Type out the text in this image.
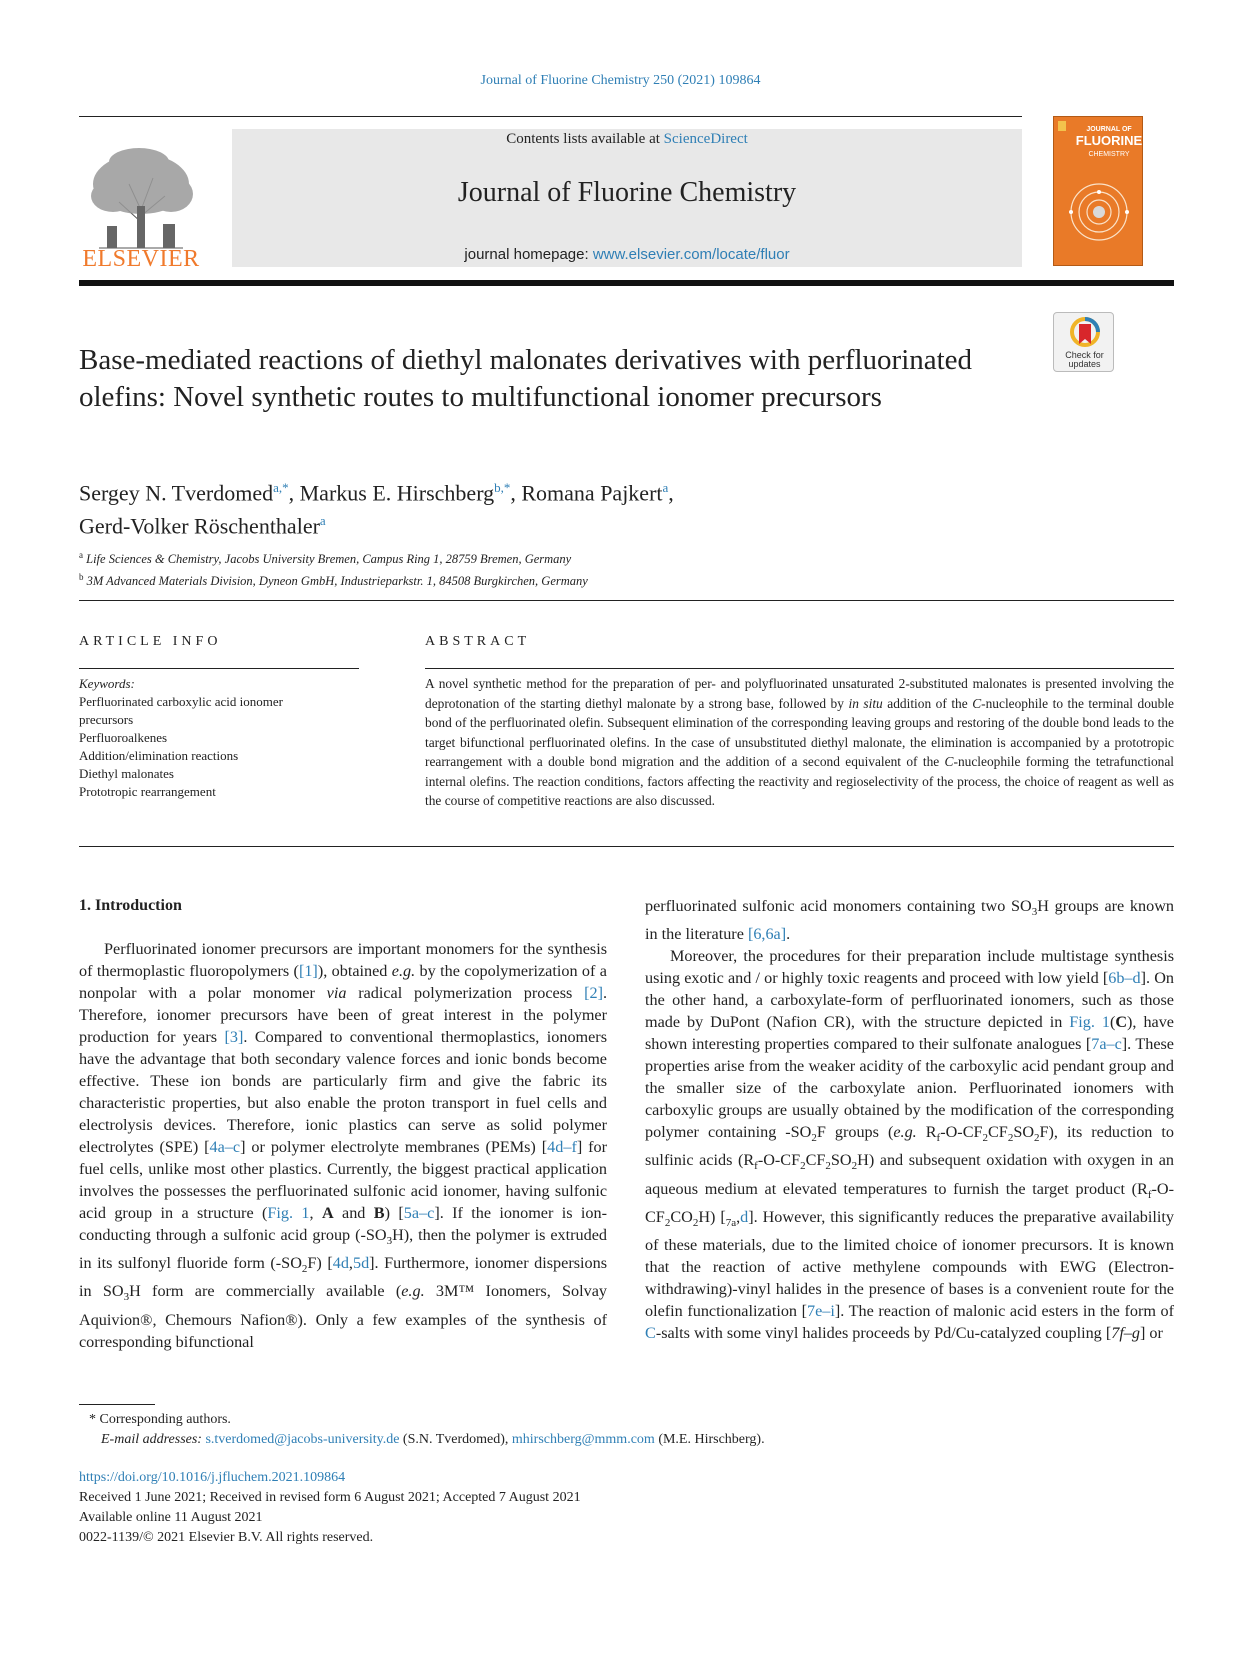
Journal of Fluorine Chemistry 250 (2021) 109864
ELSEVIER
Contents lists available at ScienceDirect
Journal of Fluorine Chemistry
journal homepage: www.elsevier.com/locate/fluor
JOURNAL OF
FLUORINE
CHEMISTRY
Check for
updates
Base-mediated reactions of diethyl malonates derivatives with perfluorinated olefins: Novel synthetic routes to multifunctional ionomer precursors
Sergey N. Tverdomed$^{a,*}$, Markus E. Hirschberg$^{b,*}$, Romana Pajkert$^a$,
Gerd-Volker Röschenthaler$^a$
$^a$ Life Sciences & Chemistry, Jacobs University Bremen, Campus Ring 1, 28759 Bremen, Germany
$^b$ 3M Advanced Materials Division, Dyneon GmbH, Industrieparkstr. 1, 84508 Burgkirchen, Germany
ARTICLE INFO	ABSTRACT
Keywords:
Perfluorinated carboxylic acid ionomer precursors
Perfluoroalkenes
Addition/elimination reactions
Diethyl malonates
Prototropic rearrangement
A novel synthetic method for the preparation of per- and polyfluorinated unsaturated 2-substituted malonates is presented involving the deprotonation of the starting diethyl malonate by a strong base, followed by in situ addition of the C-nucleophile to the terminal double bond of the perfluorinated olefin. Subsequent elimination of the corresponding leaving groups and restoring of the double bond leads to the target bifunctional perfluorinated olefins. In the case of unsubstituted diethyl malonate, the elimination is accompanied by a prototropic rearrangement with a double bond migration and the addition of a second equivalent of the C-nucleophile forming the tetrafunctional internal olefins. The reaction conditions, factors affecting the reactivity and regioselectivity of the process, the choice of reagent as well as the course of competitive reactions are also discussed.
1. Introduction

Perfluorinated ionomer precursors are important monomers for the synthesis of thermoplastic fluoropolymers ([1]), obtained e.g. by the copolymerization of a nonpolar with a polar monomer via radical polymerization process [2]. Therefore, ionomer precursors have been of great interest in the polymer production for years [3]. Compared to conventional thermoplastics, ionomers have the advantage that both secondary valence forces and ionic bonds become effective. These ion bonds are particularly firm and give the fabric its characteristic properties, but also enable the proton transport in fuel cells and electrolysis devices. Therefore, ionic plastics can serve as solid polymer electrolytes (SPE) [4a–c] or polymer electrolyte membranes (PEMs) [4d–f] for fuel cells, unlike most other plastics. Currently, the biggest practical application involves the possesses the perfluorinated sulfonic acid ionomer, having sulfonic acid group in a structure (Fig. 1, A and B) [5a–c]. If the ionomer is ion-conducting through a sulfonic acid group $(-SO_3H)$, then the polymer is extruded in its sulfonyl fluoride form $(-SO_2F)$ [4d,5d]. Furthermore, ionomer dispersions in $SO_3H$ form are commercially available (e.g. 3M™ Ionomers, Solvay Aquivion®, Chemours Nafion®). Only a few examples of the synthesis of corresponding bifunctional

perfluorinated sulfonic acid monomers containing two $SO_3H$ groups are known in the literature [6,6a].

Moreover, the procedures for their preparation include multistage synthesis using exotic and / or highly toxic reagents and proceed with low yield [6b–d]. On the other hand, a carboxylate-form of perfluorinated ionomers, such as those made by DuPont (Nafion CR), with the structure depicted in Fig. 1(C), have shown interesting properties compared to their sulfonate analogues [7a–c]. These properties arise from the weaker acidity of the carboxylic acid pendant group and the smaller size of the carboxylate anion. Perfluorinated ionomers with carboxylic groups are usually obtained by the modification of the corresponding polymer containing $-SO_2F$ groups (e.g. $R_f-O-CF_2CF_2SO_2F$), its reduction to sulfinic acids $(R_f-O-CF_2CF_2SO_2H)$ and subsequent oxidation with oxygen in an aqueous medium at elevated temperatures to furnish the target product $(R_f-O-CF_2CO_2H)$ $[_{7a},d]$. However, this significantly reduces the preparative availability of these materials, due to the limited choice of ionomer precursors. It is known that the reaction of active methylene compounds with EWG (Electron-withdrawing)-vinyl halides in the presence of bases is a convenient route for the olefin functionalization [7e–i]. The reaction of malonic acid esters in the form of C-salts with some vinyl halides proceeds by Pd/Cu-catalyzed coupling [7f–g] or

* Corresponding authors.
E-mail addresses: s.tverdomed@jacobs-university.de (S.N. Tverdomed), mhirschberg@mmm.com (M.E. Hirschberg).
https://doi.org/10.1016/j.jfluchem.2021.109864
Received 1 June 2021; Received in revised form 6 August 2021; Accepted 7 August 2021
Available online 11 August 2021
0022-1139/© 2021 Elsevier B.V. All rights reserved.
